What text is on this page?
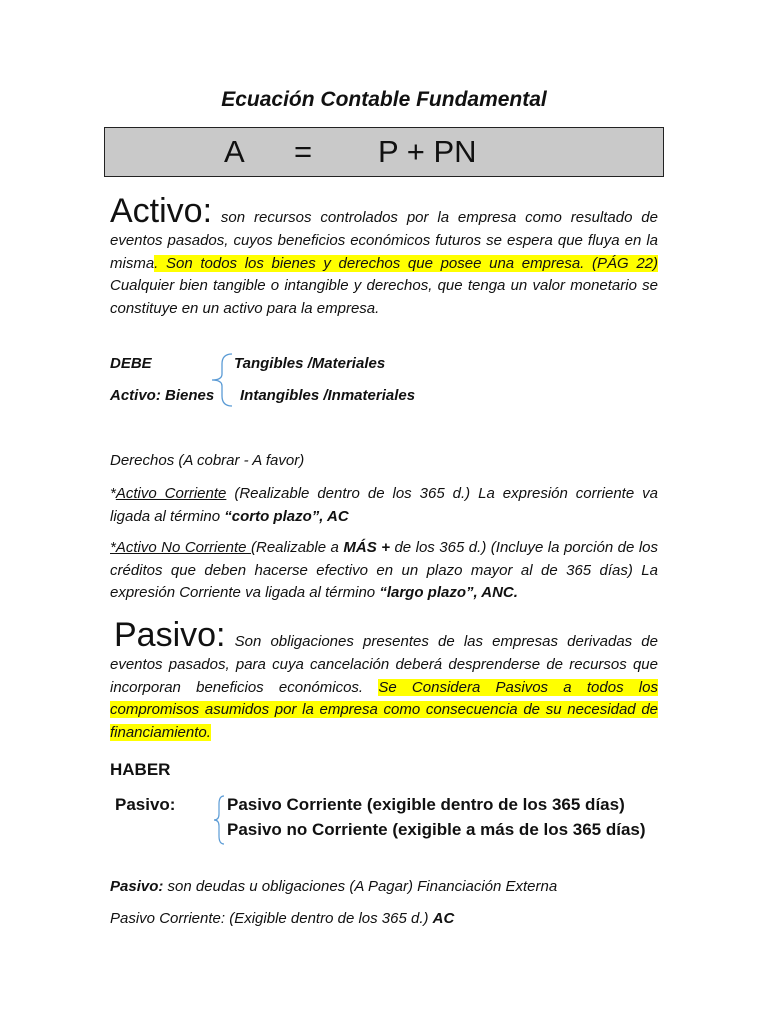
Ecuación Contable Fundamental
A = P + PN
Activo: son recursos controlados por la empresa como resultado de eventos pasados, cuyos beneficios económicos futuros se espera que fluya en la misma. Son todos los bienes y derechos que posee una empresa. (PÁG 22) Cualquier bien tangible o intangible y derechos, que tenga un valor monetario se constituye en un activo para la empresa.
DEBE
Activo: Bienes
Tangibles /Materiales
Intangibles /Inmateriales
Derechos (A cobrar - A favor)
*Activo Corriente (Realizable dentro de los 365 d.) La expresión corriente va ligada al término “corto plazo”, AC
*Activo No Corriente (Realizable a MÁS + de los 365 d.) (Incluye la porción de los créditos que deben hacerse efectivo en un plazo mayor al de 365 días) La expresión Corriente va ligada al término “largo plazo”, ANC.
Pasivo: Son obligaciones presentes de las empresas derivadas de eventos pasados, para cuya cancelación deberá desprenderse de recursos que incorporan beneficios económicos. Se Considera Pasivos a todos los compromisos asumidos por la empresa como consecuencia de su necesidad de financiamiento.
HABER
Pasivo:	Pasivo Corriente (exigible dentro de los 365 días)
Pasivo no Corriente (exigible a más de los 365 días)
Pasivo: son deudas u obligaciones (A Pagar) Financiación Externa
Pasivo Corriente: (Exigible dentro de los 365 d.) AC
